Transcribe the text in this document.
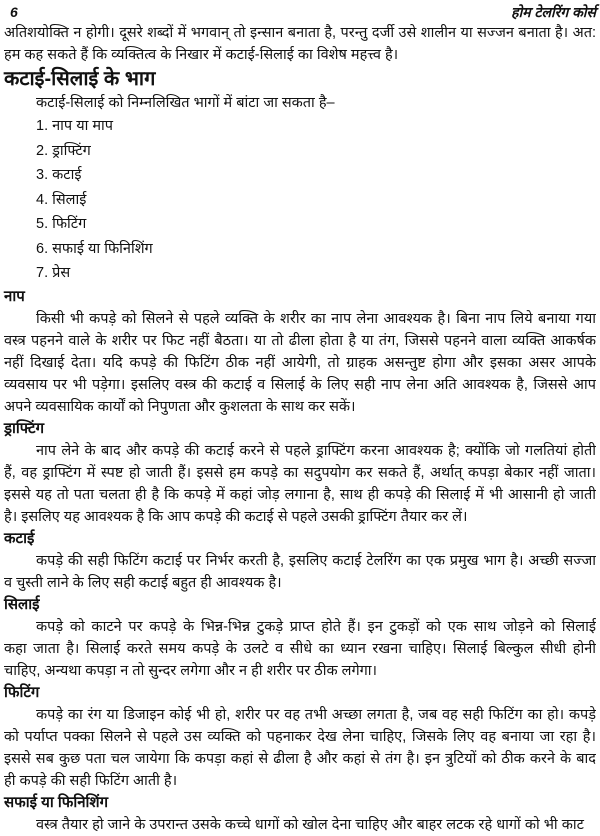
6	होम टेलरिंग कोर्स
अतिशयोक्ति न होगी। दूसरे शब्दों में भगवान् तो इन्सान बनाता है, परन्तु दर्जी उसे शालीन या सज्जन बनाता है। अत:
हम कह सकते हैं कि व्यक्तित्व के निखार में कटाई-सिलाई का विशेष महत्त्व है।
कटाई-सिलाई के भाग
कटाई-सिलाई को निम्नलिखित भागों में बांटा जा सकता है–
1. नाप या माप
2. ड्राफ्टिंग
3. कटाई
4. सिलाई
5. फिटिंग
6. सफाई या फिनिशिंग
7. प्रेस
नाप
किसी भी कपड़े को सिलने से पहले व्यक्ति के शरीर का नाप लेना आवश्यक है। बिना नाप लिये बनाया गया
वस्त्र पहनने वाले के शरीर पर फिट नहीं बैठता। या तो ढीला होता है या तंग, जिससे पहनने वाला व्यक्ति आकर्षक
नहीं दिखाई देता। यदि कपड़े की फिटिंग ठीक नहीं आयेगी, तो ग्राहक असन्तुष्ट होगा और इसका असर आपके
व्यवसाय पर भी पड़ेगा। इसलिए वस्त्र की कटाई व सिलाई के लिए सही नाप लेना अति आवश्यक है, जिससे आप
अपने व्यवसायिक कार्यों को निपुणता और कुशलता के साथ कर सकें।
ड्राफ्टिंग
नाप लेने के बाद और कपड़े की कटाई करने से पहले ड्राफ्टिंग करना आवश्यक है; क्योंकि जो गलतियां होती
हैं, वह ड्राफ्टिंग में स्पष्ट हो जाती हैं। इससे हम कपड़े का सदुपयोग कर सकते हैं, अर्थात् कपड़ा बेकार नहीं जाता।
इससे यह तो पता चलता ही है कि कपड़े में कहां जोड़ लगाना है, साथ ही कपड़े की सिलाई में भी आसानी हो जाती
है। इसलिए यह आवश्यक है कि आप कपड़े की कटाई से पहले उसकी ड्राफ्टिंग तैयार कर लें।
कटाई
कपड़े की सही फिटिंग कटाई पर निर्भर करती है, इसलिए कटाई टेलरिंग का एक प्रमुख भाग है। अच्छी सज्जा
व चुस्ती लाने के लिए सही कटाई बहुत ही आवश्यक है।
सिलाई
कपड़े को काटने पर कपड़े के भिन्न-भिन्न टुकड़े प्राप्त होते हैं। इन टुकड़ों को एक साथ जोड़ने को सिलाई
कहा जाता है। सिलाई करते समय कपड़े के उलटे व सीधे का ध्यान रखना चाहिए। सिलाई बिल्कुल सीधी होनी
चाहिए, अन्यथा कपड़ा न तो सुन्दर लगेगा और न ही शरीर पर ठीक लगेगा।
फिटिंग
कपड़े का रंग या डिजाइन कोई भी हो, शरीर पर वह तभी अच्छा लगता है, जब वह सही फिटिंग का हो। कपड़े
को पर्याप्त पक्का सिलने से पहले उस व्यक्ति को पहनाकर देख लेना चाहिए, जिसके लिए वह बनाया जा रहा है।
इससे सब कुछ पता चल जायेगा कि कपड़ा कहां से ढीला है और कहां से तंग है। इन त्रुटियों को ठीक करने के बाद
ही कपड़े की सही फिटिंग आती है।
सफाई या फिनिशिंग
वस्त्र तैयार हो जाने के उपरान्त उसके कच्चे धागों को खोल देना चाहिए और बाहर लटक रहे धागों को भी काट
